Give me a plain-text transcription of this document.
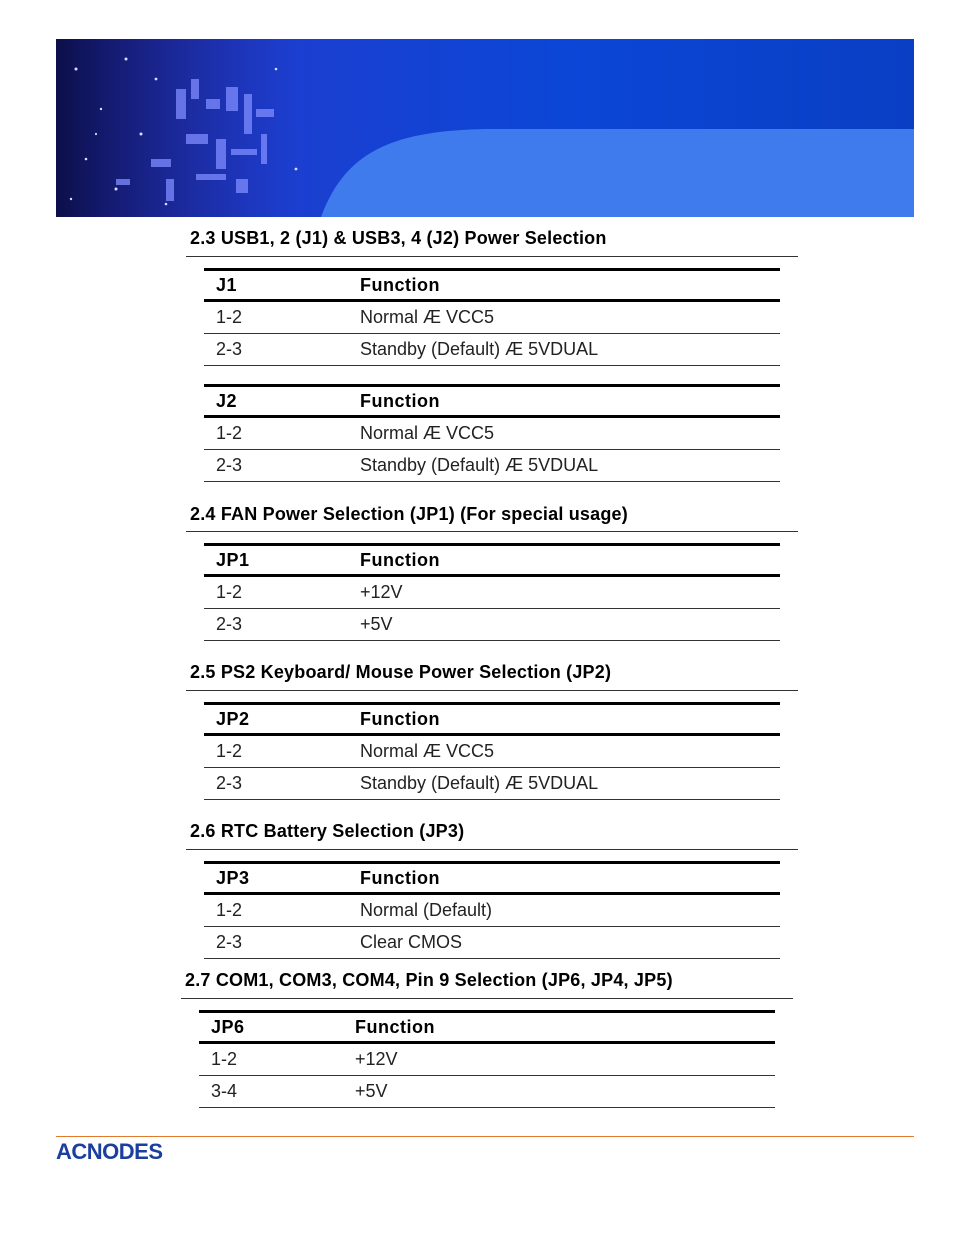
2.3 USB1, 2 (J1) & USB3, 4 (J2) Power Selection
J1	Function
1-2	Normal Æ VCC5
2-3	Standby (Default) Æ 5VDUAL
J2	Function
1-2	Normal Æ VCC5
2-3	Standby (Default) Æ 5VDUAL
2.4 FAN Power Selection (JP1) (For special usage)
JP1	Function
1-2	+12V
2-3	+5V
2.5 PS2 Keyboard/ Mouse Power Selection (JP2)
JP2	Function
1-2	Normal Æ VCC5
2-3	Standby (Default) Æ 5VDUAL
2.6 RTC Battery Selection (JP3)
JP3	Function
1-2	Normal (Default)
2-3	Clear CMOS
2.7 COM1, COM3, COM4, Pin 9 Selection (JP6, JP4, JP5)
JP6	Function
1-2	+12V
3-4	+5V
ACNODES
